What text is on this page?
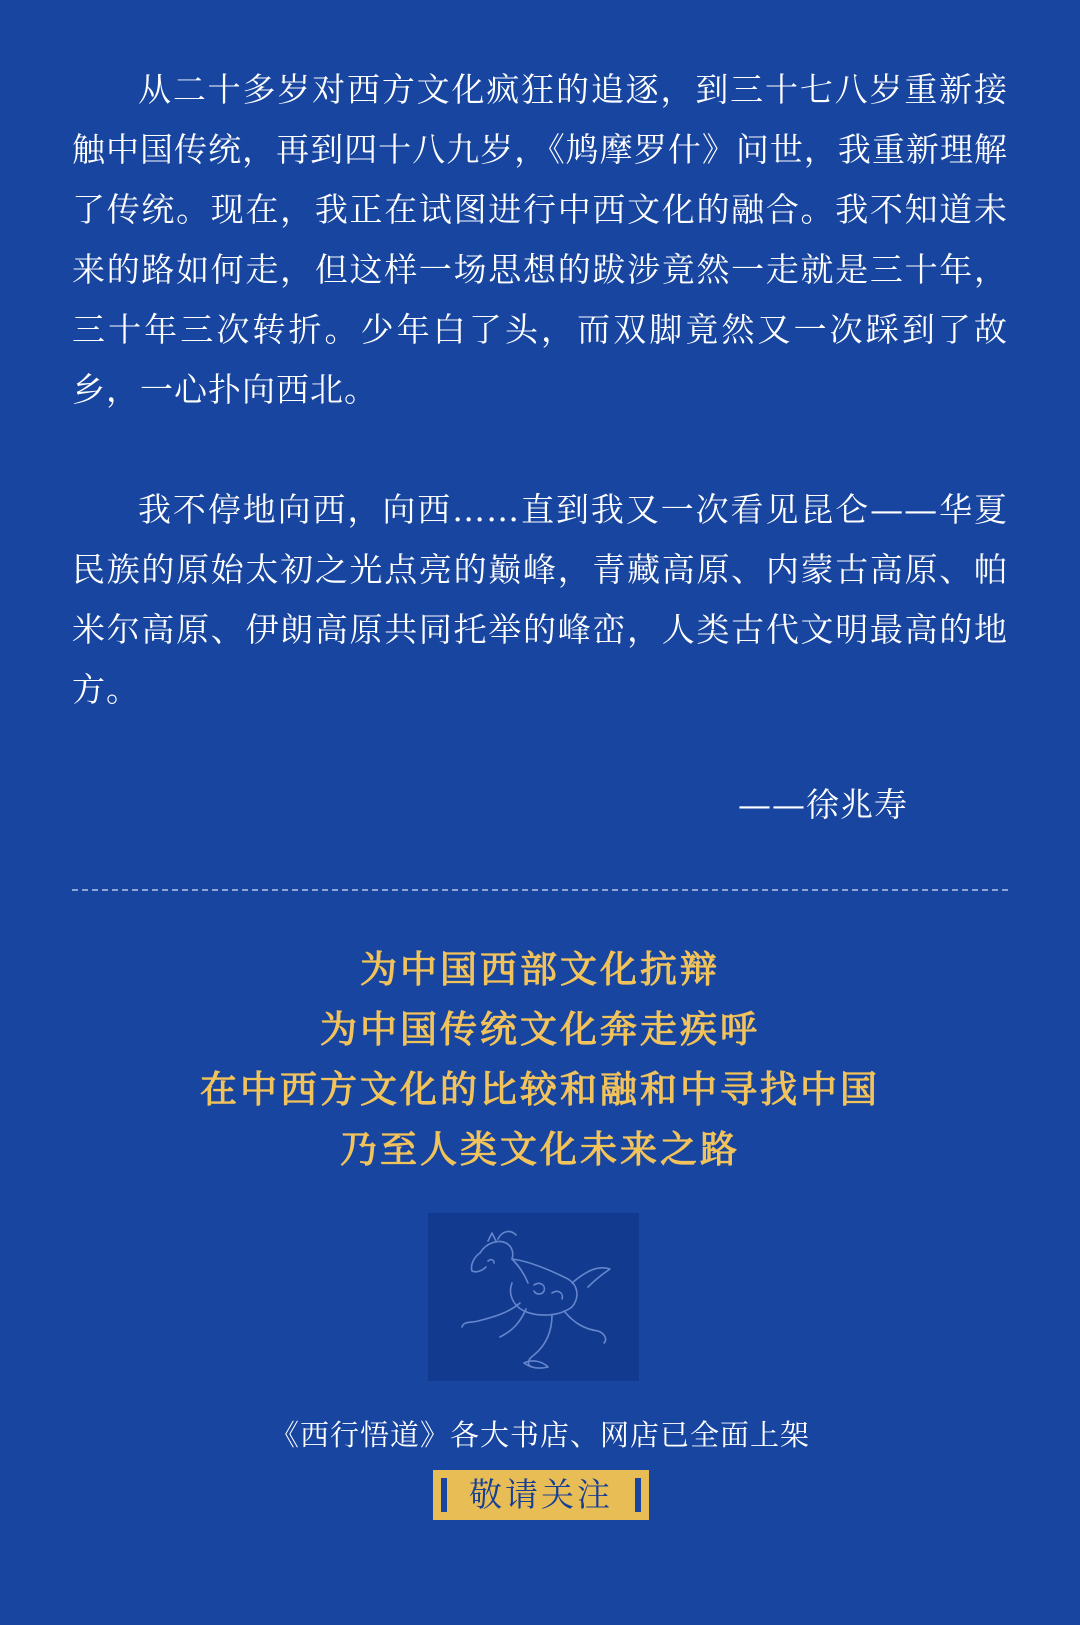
从二十多岁对西方文化疯狂的追逐，到三十七八岁重新接触中国传统，再到四十八九岁，《鸠摩罗什》问世，我重新理解了传统。现在，我正在试图进行中西文化的融合。我不知道未来的路如何走，但这样一场思想的跋涉竟然一走就是三十年，三十年三次转折。少年白了头，而双脚竟然又一次踩到了故乡，一心扑向西北。

我不停地向西，向西……直到我又一次看见昆仑——华夏民族的原始太初之光点亮的巅峰，青藏高原、内蒙古高原、帕米尔高原、伊朗高原共同托举的峰峦，人类古代文明最高的地方。

——徐兆寿
为中国西部文化抗辩
为中国传统文化奔走疾呼
在中西方文化的比较和融和中寻找中国
乃至人类文化未来之路
《西行悟道》各大书店、网店已全面上架
敬请关注
